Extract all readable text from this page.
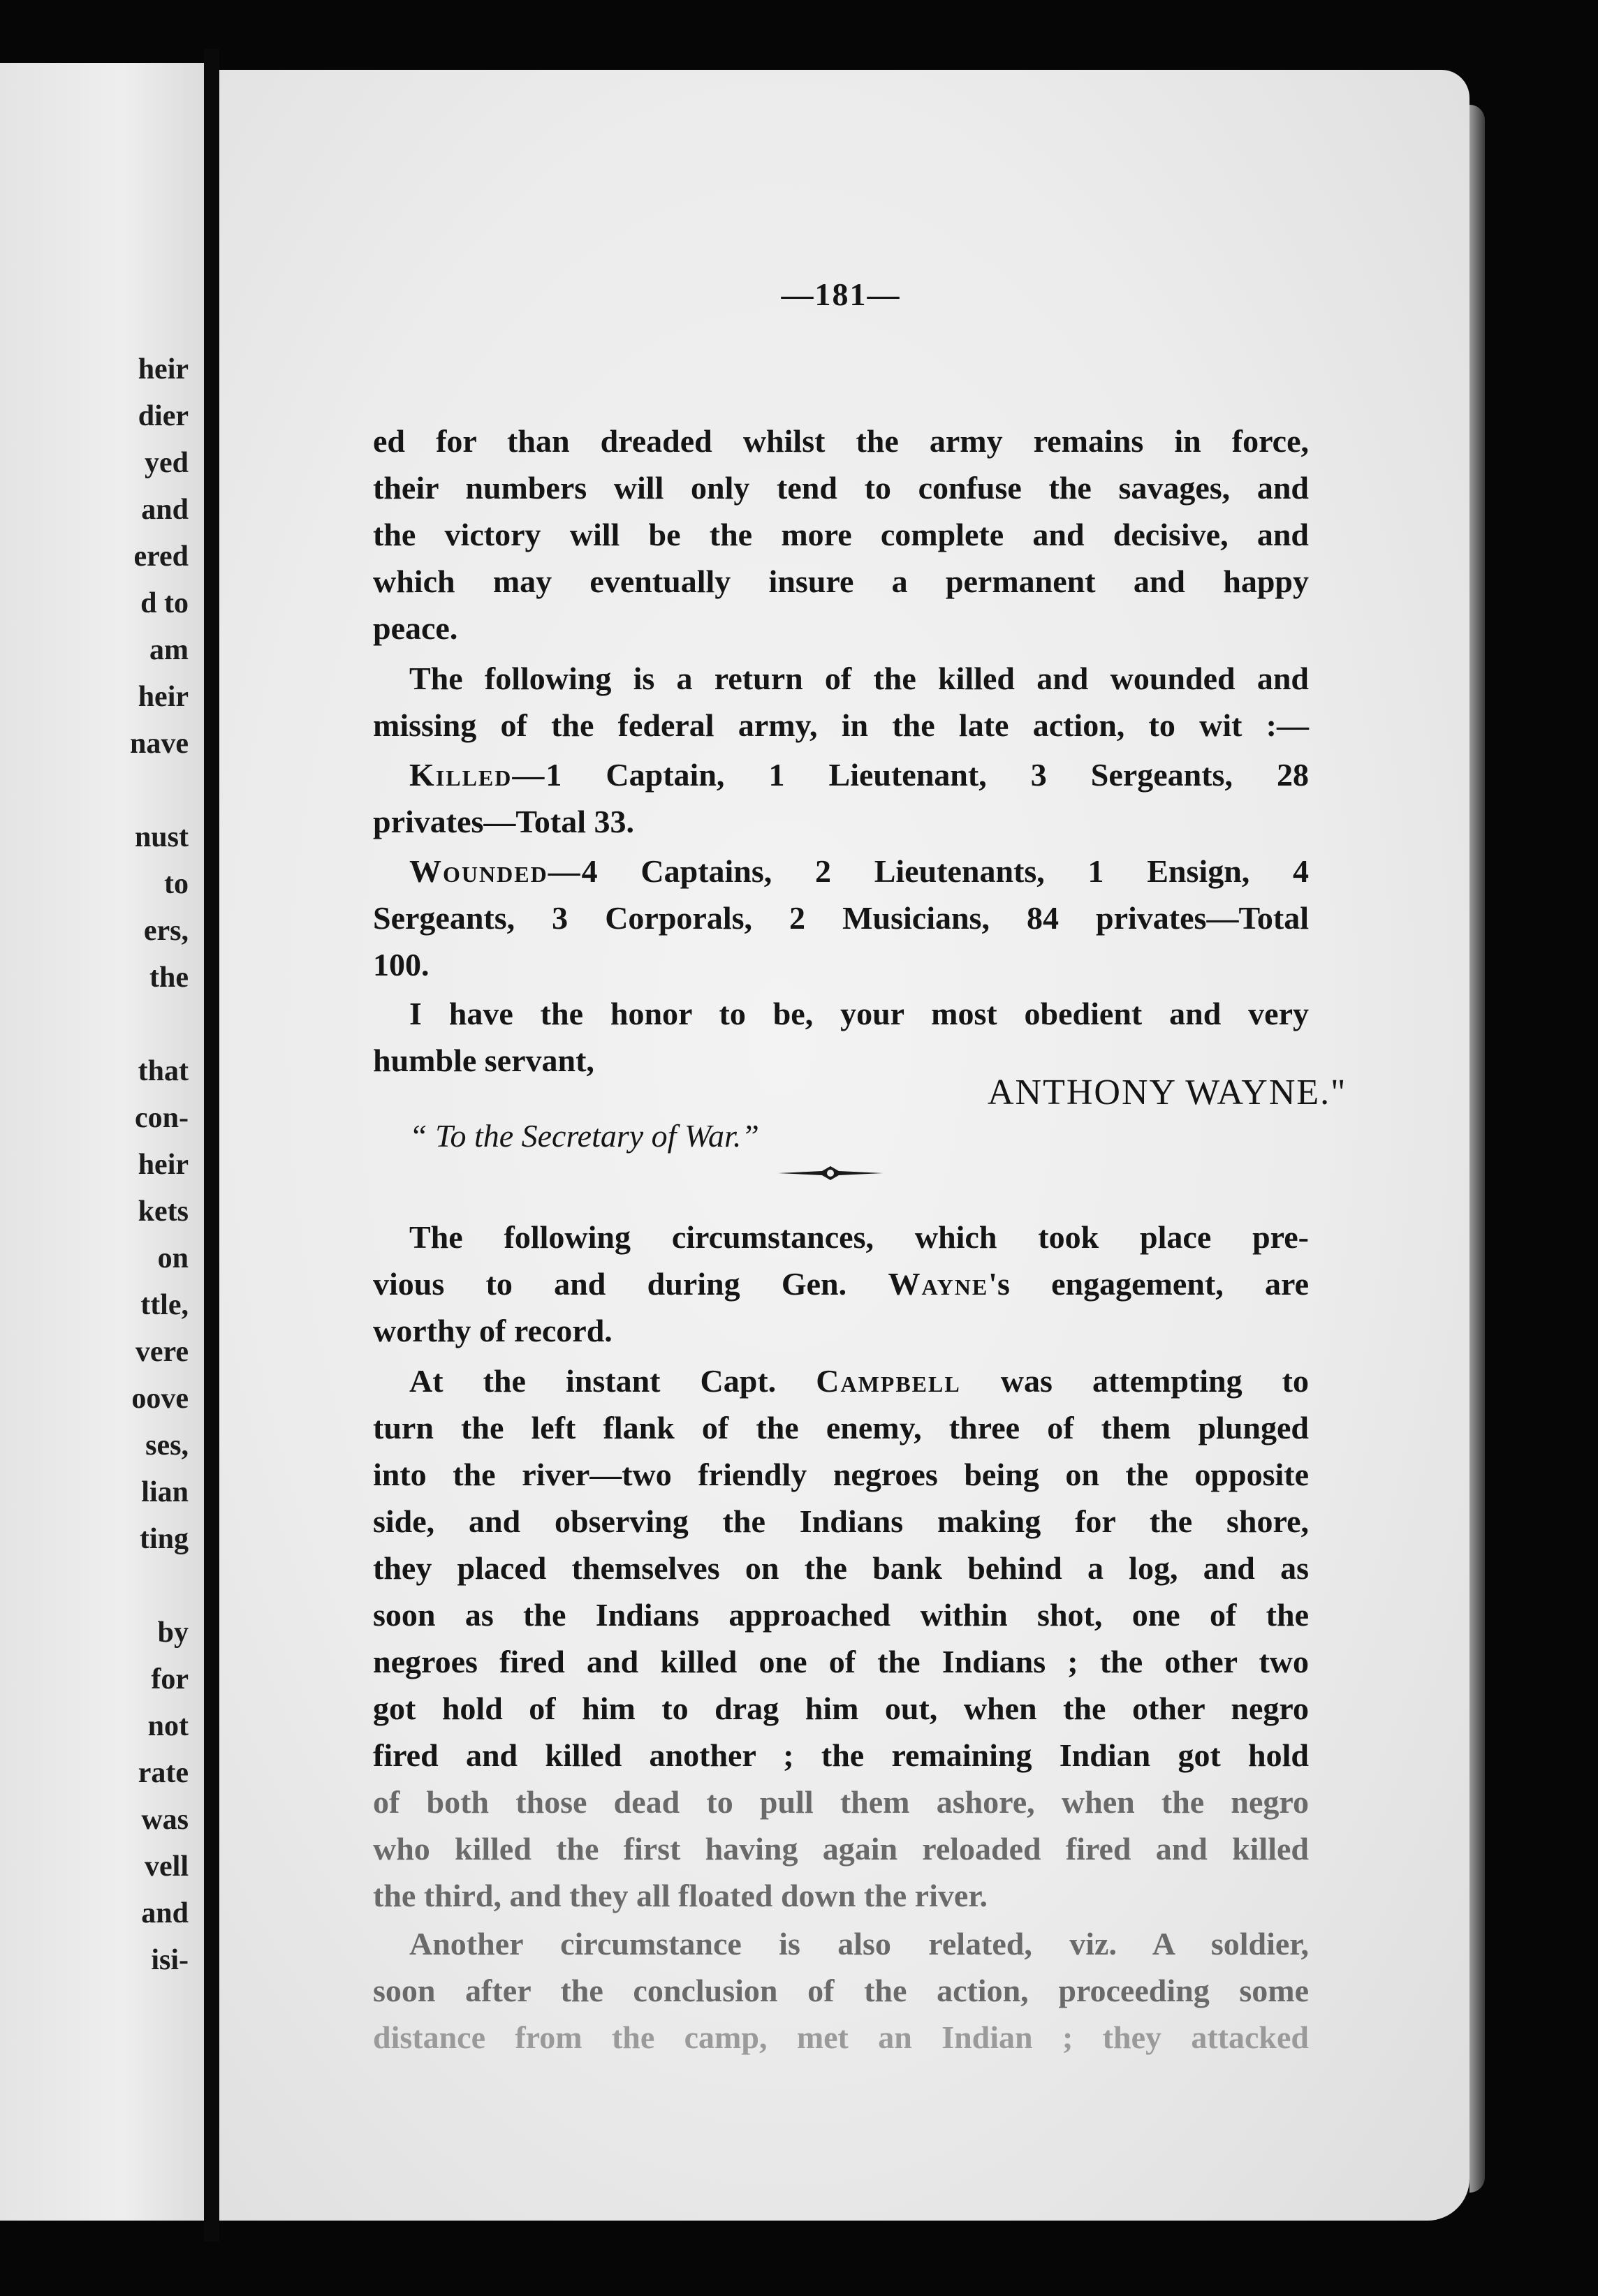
heir
dier
yed
and
ered
d to
am
heir
nave
nust
to
ers,
the
that
con-
heir
kets
on
ttle,
vere
oove
ses,
lian
ting
by
for
not
rate
was
vell
and
isi-
—181—
ed for than dreaded whilst the army remains in force,
their numbers will only tend to confuse the savages, and
the victory will be the more complete and decisive, and
which may eventually insure a permanent and happy
peace.
The following is a return of the killed and wounded and
missing of the federal army, in the late action, to wit :—
Killed—1 Captain, 1 Lieutenant, 3 Sergeants, 28
privates—Total 33.
Wounded—4 Captains, 2 Lieutenants, 1 Ensign, 4
Sergeants, 3 Corporals, 2 Musicians, 84 privates—Total
100.
I have the honor to be, your most obedient and very
humble servant,
ANTHONY WAYNE."
“ To the Secretary of War.”
The following circumstances, which took place pre-
vious to and during Gen. Wayne's engagement, are
worthy of record.
At the instant Capt. Campbell was attempting to
turn the left flank of the enemy, three of them plunged
into the river—two friendly negroes being on the opposite
side, and observing the Indians making for the shore,
they placed themselves on the bank behind a log, and as
soon as the Indians approached within shot, one of the
negroes fired and killed one of the Indians ; the other two
got hold of him to drag him out, when the other negro
fired and killed another ; the remaining Indian got hold
of both those dead to pull them ashore, when the negro
who killed the first having again reloaded fired and killed
the third, and they all floated down the river.
Another circumstance is also related, viz. A soldier,
soon after the conclusion of the action, proceeding some
distance from the camp, met an Indian ; they attacked
